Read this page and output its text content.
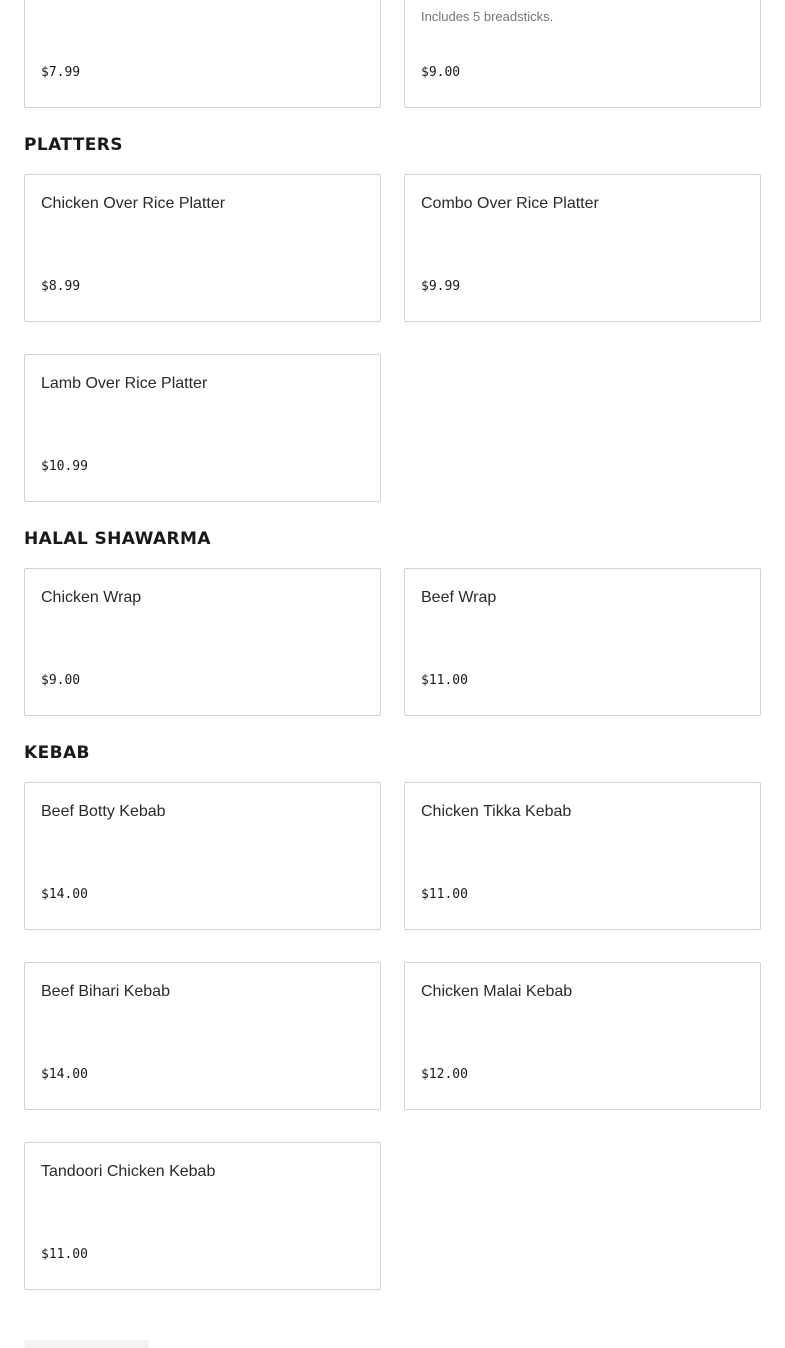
$7.99
Includes 5 breadsticks.
$9.00
PLATTERS
Chicken Over Rice Platter
$8.99
Combo Over Rice Platter
$9.99
Lamb Over Rice Platter
$10.99
HALAL SHAWARMA
Chicken Wrap
$9.00
Beef Wrap
$11.00
KEBAB
Beef Botty Kebab
$14.00
Chicken Tikka Kebab
$11.00
Beef Bihari Kebab
$14.00
Chicken Malai Kebab
$12.00
Tandoori Chicken Kebab
$11.00
